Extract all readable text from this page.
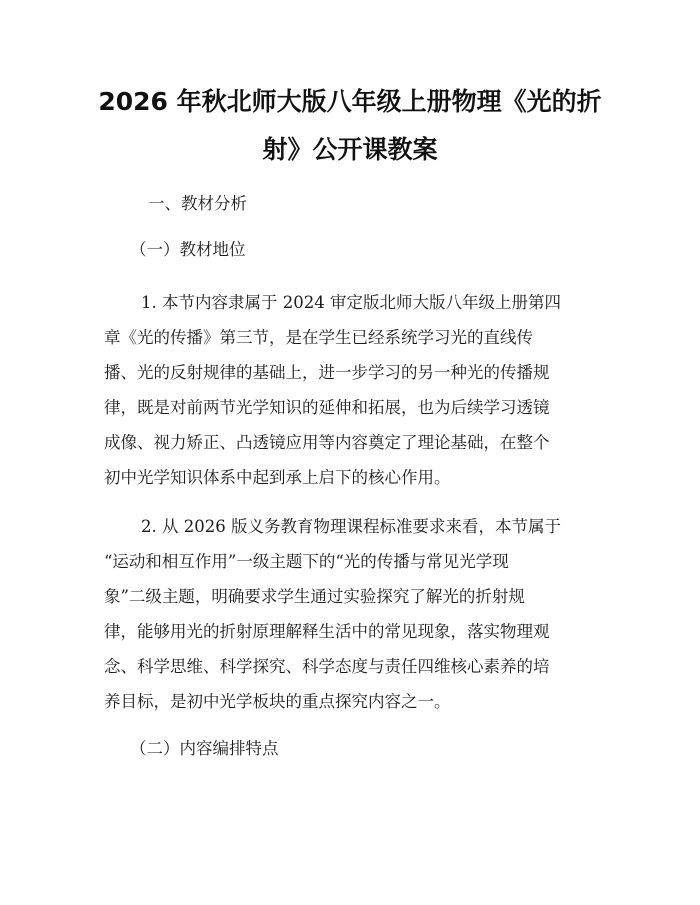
2026 年秋北师大版八年级上册物理《光的折
射》公开课教案
一、教材分析
（一）教材地位
1. 本节内容隶属于 2024 审定版北师大版八年级上册第四
章《光的传播》第三节，是在学生已经系统学习光的直线传
播、光的反射规律的基础上，进一步学习的另一种光的传播规
律，既是对前两节光学知识的延伸和拓展，也为后续学习透镜
成像、视力矫正、凸透镜应用等内容奠定了理论基础，在整个
初中光学知识体系中起到承上启下的核心作用。
2. 从 2026 版义务教育物理课程标准要求来看，本节属于
“运动和相互作用”一级主题下的“光的传播与常见光学现
象”二级主题，明确要求学生通过实验探究了解光的折射规
律，能够用光的折射原理解释生活中的常见现象，落实物理观
念、科学思维、科学探究、科学态度与责任四维核心素养的培
养目标，是初中光学板块的重点探究内容之一。
（二）内容编排特点
